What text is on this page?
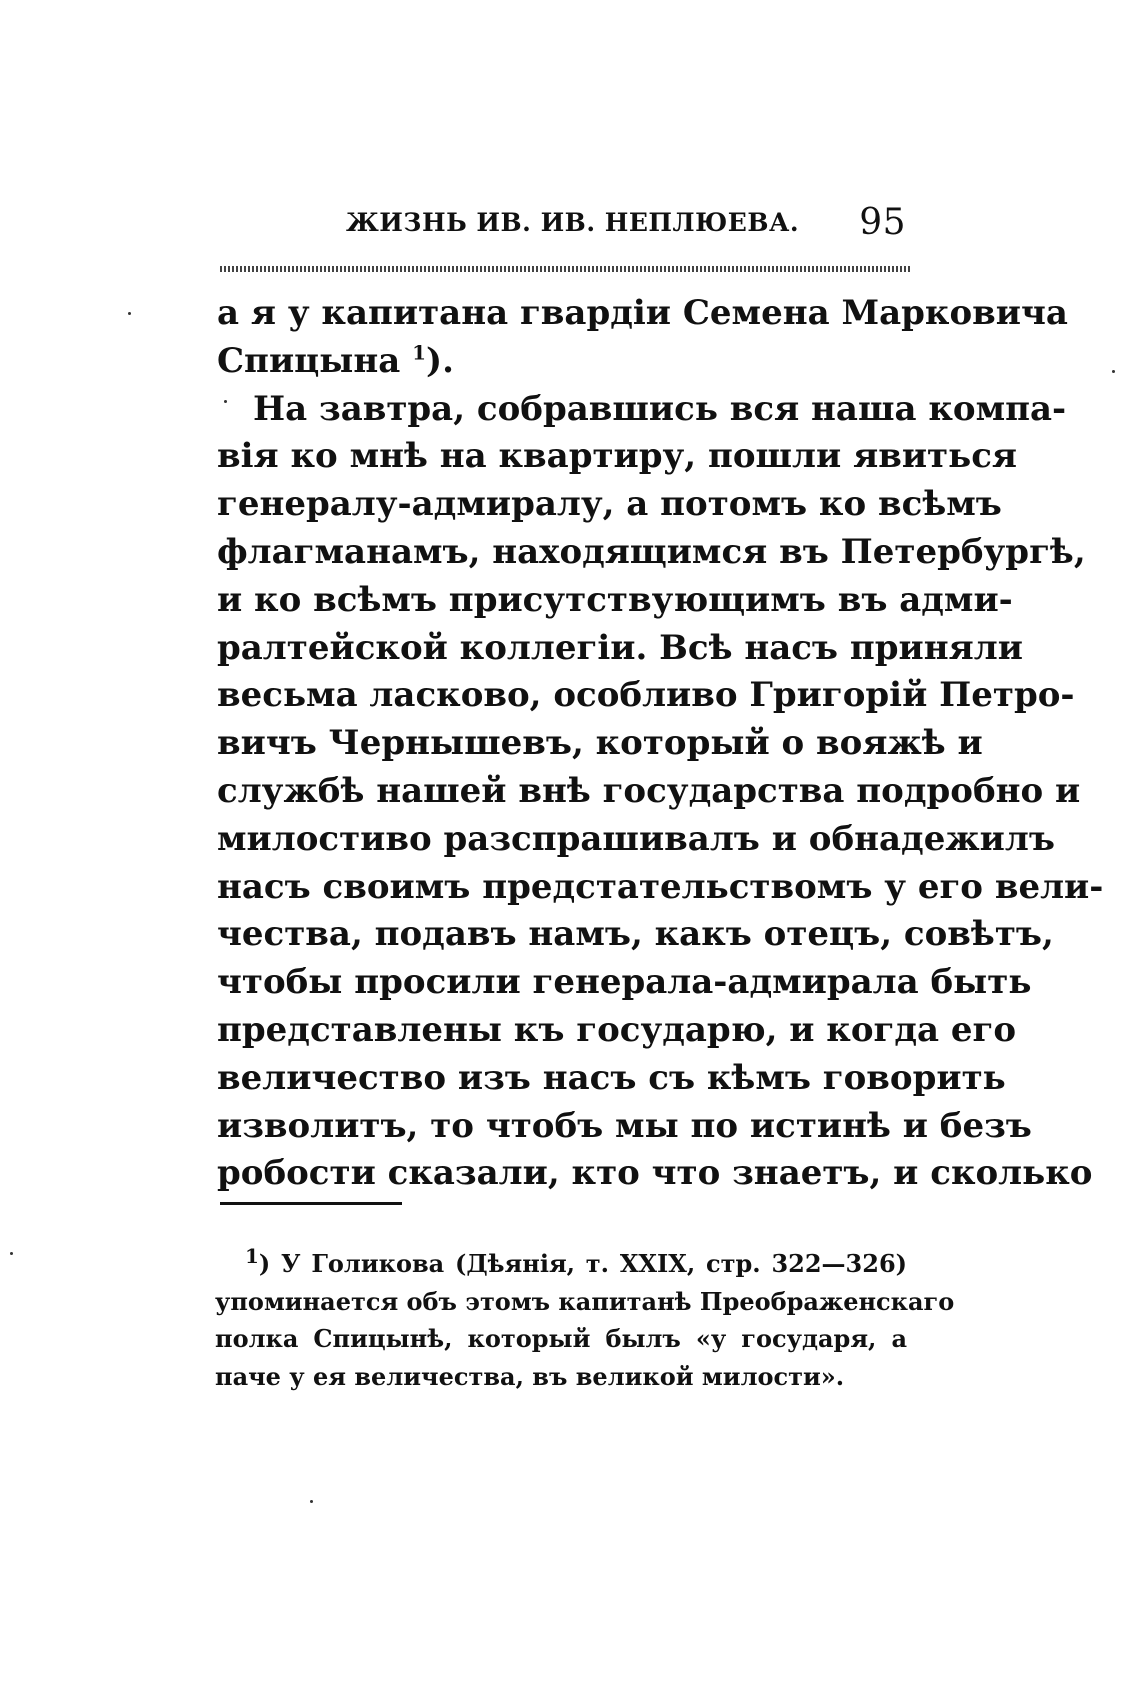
ЖИЗНЬ ИВ. ИВ. НЕПЛЮЕВА. 95
а я у капитана гвардіи Семена Марковича
Спицына $^1$).
На завтра, собравшись вся наша компа-
вія ко мнѣ на квартиру, пошли явиться
генералу-адмиралу, а потомъ ко всѣмъ
флагманамъ, находящимся въ Петербургѣ,
и ко всѣмъ присутствующимъ въ адми-
ралтейской коллегіи. Всѣ насъ приняли
весьма ласково, особливо Григорій Петро-
вичъ Чернышевъ, который о вояжѣ и
службѣ нашей внѣ государства подробно и
милостиво разспрашивалъ и обнадежилъ
насъ своимъ предстательствомъ у его вели-
чества, подавъ намъ, какъ отецъ, совѣтъ,
чтобы просили генерала-адмирала быть
представлены къ государю, и когда его
величество изъ насъ съ кѣмъ говорить
изволитъ, то чтобъ мы по истинѣ и безъ
робости сказали, кто что знаетъ, и сколько
$^1$) У Голикова (Дѣянія, т. XXIX, стр. 322—326)
упоминается объ этомъ капитанѣ Преображенскаго
полка Спицынѣ, который былъ «у государя, а
паче у ея величества, въ великой милости».
